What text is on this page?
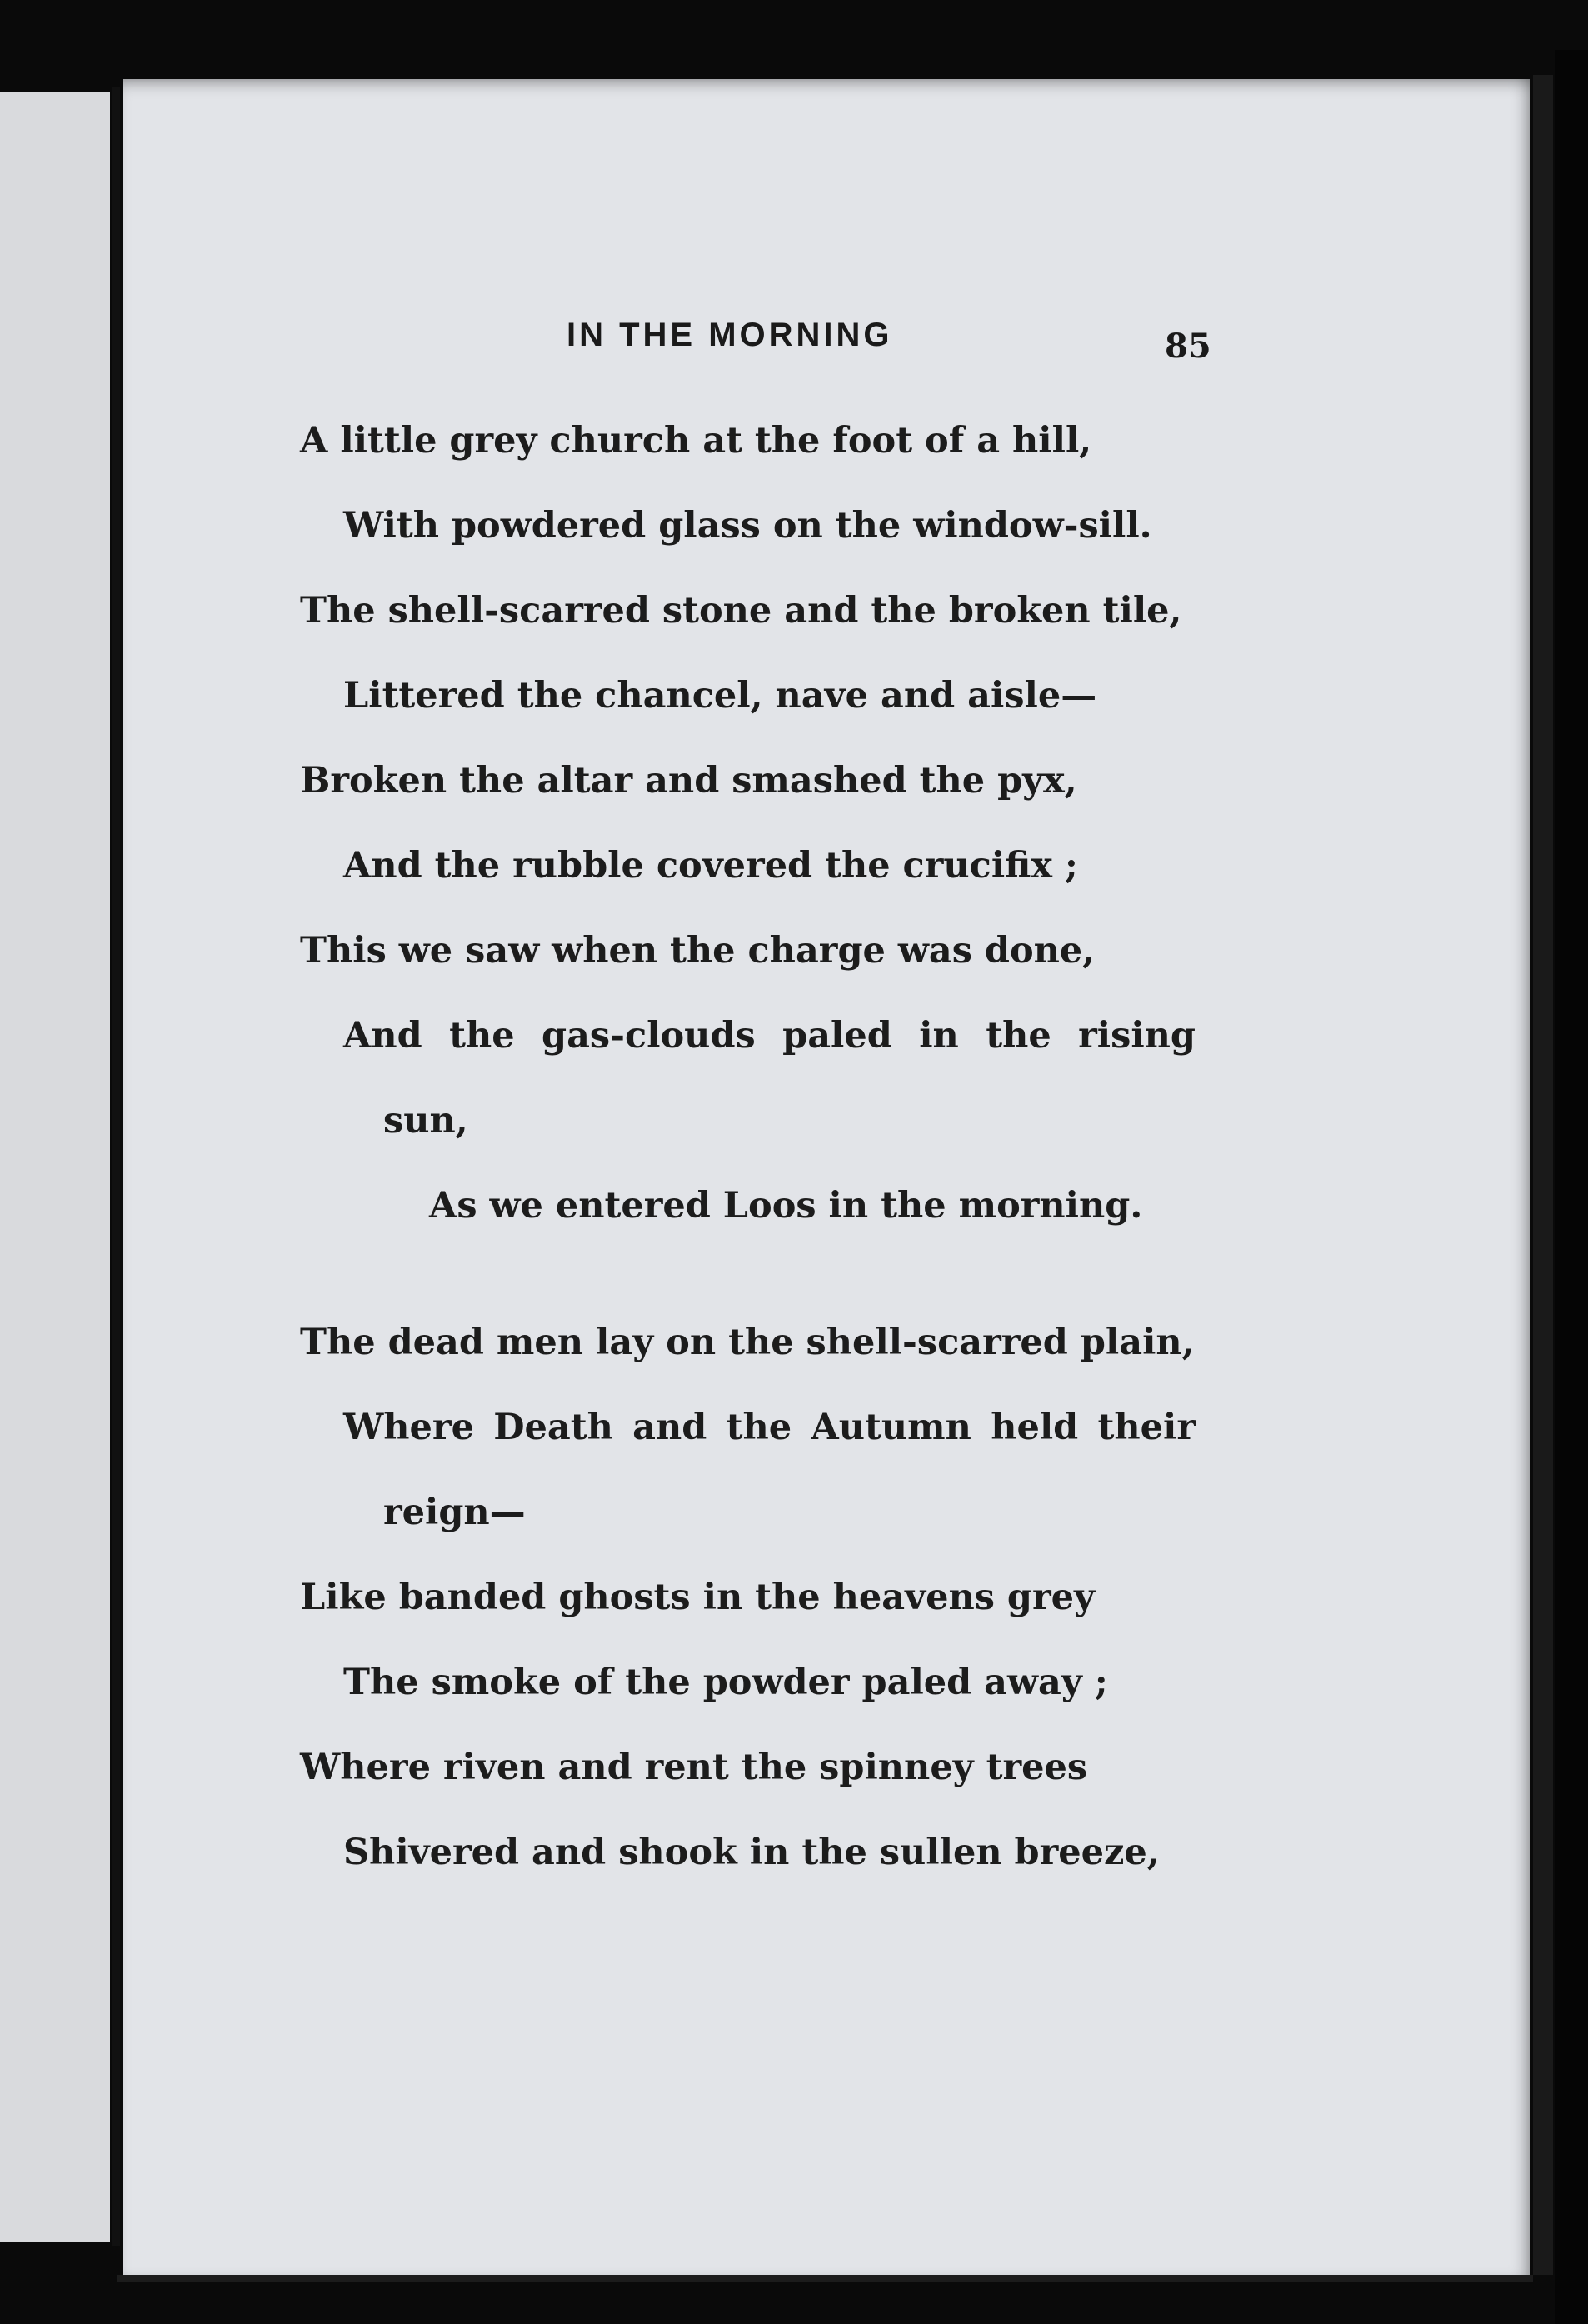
IN THE MORNING	85
A little grey church at the foot of a hill,
With powdered glass on the window-sill.
The shell-scarred stone and the broken tile,
Littered the chancel, nave and aisle—
Broken the altar and smashed the pyx,
And the rubble covered the crucifix ;
This we saw when the charge was done,
And the gas-clouds paled in the rising
sun,
As we entered Loos in the morning.
The dead men lay on the shell-scarred plain,
Where Death and the Autumn held their
reign—
Like banded ghosts in the heavens grey
The smoke of the powder paled away ;
Where riven and rent the spinney trees
Shivered and shook in the sullen breeze,
